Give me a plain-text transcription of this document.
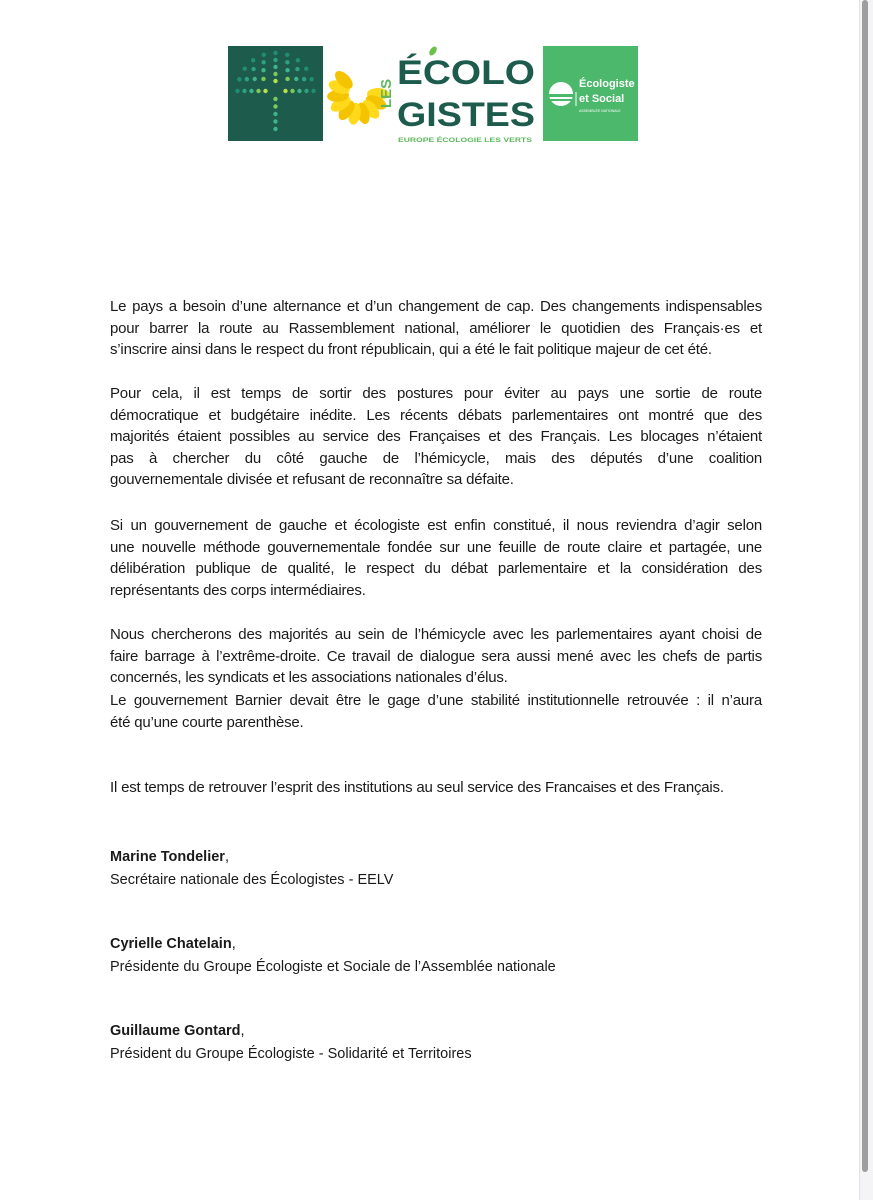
LES
ÉCOLO
GISTES
EUROPE ÉCOLOGIE LES VERTS
Écologiste
et Social
ASSEMBLÉE NATIONALE
Le pays a besoin d’une alternance et d’un changement de cap. Des changements indispensables
pour barrer la route au Rassemblement national, améliorer le quotidien des Français·es et
s’inscrire ainsi dans le respect du front républicain, qui a été le fait politique majeur de cet été.
Pour cela, il est temps de sortir des postures pour éviter au pays une sortie de route
démocratique et budgétaire inédite. Les récents débats parlementaires ont montré que des
majorités étaient possibles au service des Françaises et des Français. Les blocages n’étaient
pas à chercher du côté gauche de l’hémicycle, mais des députés d’une coalition
gouvernementale divisée et refusant de reconnaître sa défaite.
Si un gouvernement de gauche et écologiste est enfin constitué, il nous reviendra d’agir selon
une nouvelle méthode gouvernementale fondée sur une feuille de route claire et partagée, une
délibération publique de qualité, le respect du débat parlementaire et la considération des
représentants des corps intermédiaires.
Nous chercherons des majorités au sein de l’hémicycle avec les parlementaires ayant choisi de
faire barrage à l’extrême-droite. Ce travail de dialogue sera aussi mené avec les chefs de partis
concernés, les syndicats et les associations nationales d’élus.
Le gouvernement Barnier devait être le gage d’une stabilité institutionnelle retrouvée : il n’aura
été qu’une courte parenthèse.
Il est temps de retrouver l’esprit des institutions au seul service des Francaises et des Français.
Marine Tondelier,
Secrétaire nationale des Écologistes - EELV
Cyrielle Chatelain,
Présidente du Groupe Écologiste et Sociale de l’Assemblée nationale
Guillaume Gontard,
Président du Groupe Écologiste - Solidarité et Territoires
